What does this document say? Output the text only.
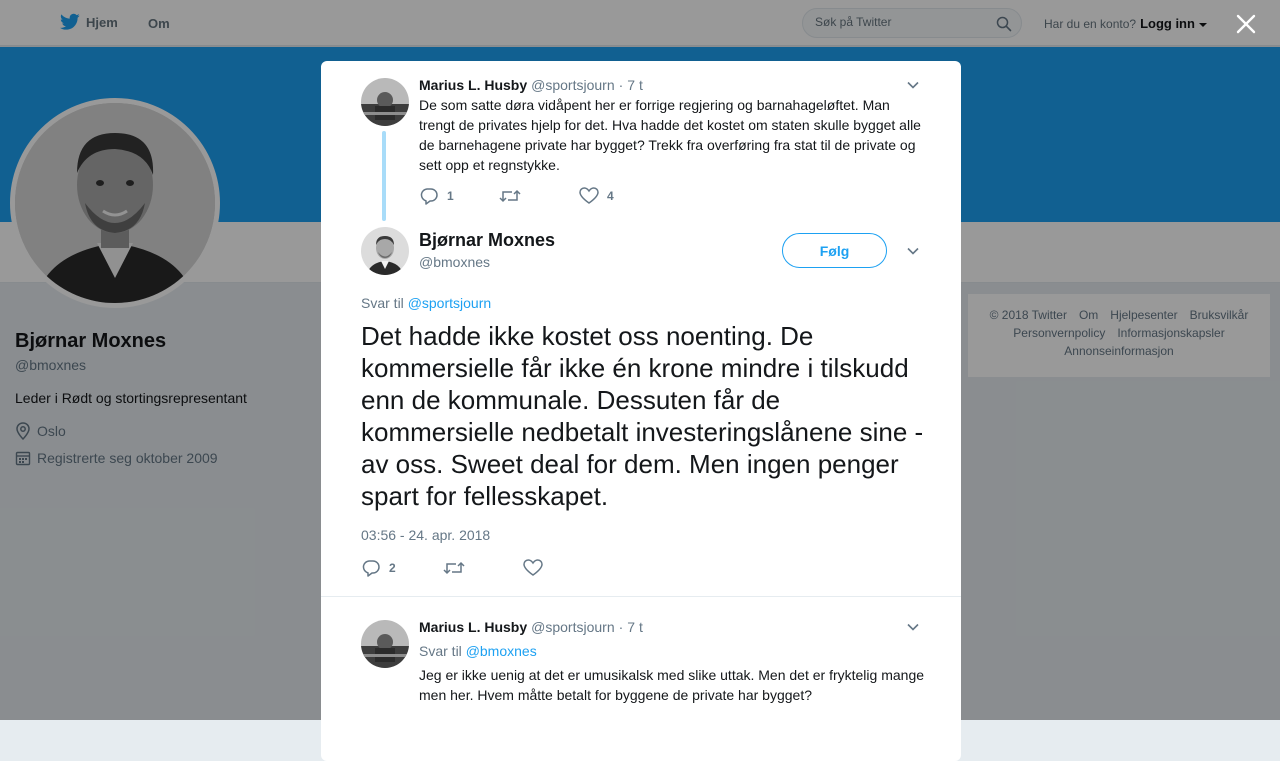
Hjem Om
Søk på Twitter	Har du en konto? Logg inn
Bjørnar Moxnes
@bmoxnes
Leder i Rødt og stortingsrepresentant
Oslo
Registrerte seg oktober 2009
© 2018 Twitter Om Hjelpesenter Bruksvilkår
Personvernpolicy Informasjonskapsler
Annonseinformasjon
Marius L. Husby @sportsjourn · 7 t
De som satte døra vidåpent her er forrige regjering og barnahageløftet. Man trengt de privates hjelp for det. Hva hadde det kostet om staten skulle bygget alle de barnehagene private har bygget? Trekk fra overføring fra stat til de private og sett opp et regnstykke.
1	4
Bjørnar Moxnes
@bmoxnes
Følg
Svar til @sportsjourn
Det hadde ikke kostet oss noenting. De kommersielle får ikke én krone mindre i tilskudd enn de kommunale. Dessuten får de kommersielle nedbetalt investeringslånene sine - av oss. Sweet deal for dem. Men ingen penger spart for fellesskapet.
03:56 - 24. apr. 2018
2
Marius L. Husby @sportsjourn · 7 t
Svar til @bmoxnes
Jeg er ikke uenig at det er umusikalsk med slike uttak. Men det er fryktelig mange men her. Hvem måtte betalt for byggene de private har bygget?
